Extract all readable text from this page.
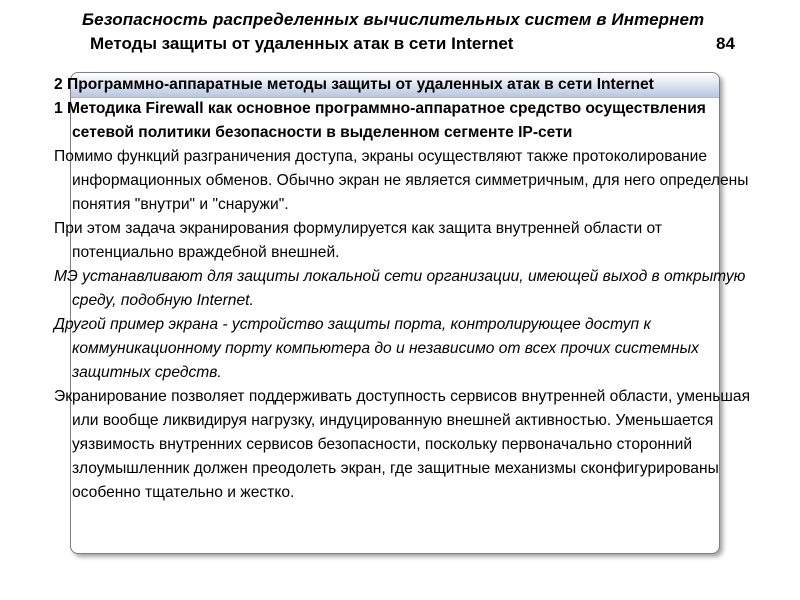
Безопасность распределенных вычислительных систем в Интернет
Методы защиты от удаленных атак в сети Internet	84

2 Программно-аппаратные методы защиты от удаленных атак в сети Internet

1 Методика Firewall как основное программно-аппаратное средство осуществления сетевой политики безопасности в выделенном сегменте IP-сети

Помимо функций разграничения доступа, экраны осуществляют также протоколирование информационных обменов. Обычно экран не является симметричным, для него определены понятия "внутри" и "снаружи".

При этом задача экранирования формулируется как защита внутренней области от потенциально враждебной внешней.

МЭ устанавливают для защиты локальной сети организации, имеющей выход в открытую среду, подобную Internet.

Другой пример экрана - устройство защиты порта, контролирующее доступ к коммуникационному порту компьютера до и независимо от всех прочих системных защитных средств.

Экранирование позволяет поддерживать доступность сервисов внутренней области, уменьшая или вообще ликвидируя нагрузку, индуцированную внешней активностью. Уменьшается уязвимость внутренних сервисов безопасности, поскольку первоначально сторонний злоумышленник должен преодолеть экран, где защитные механизмы сконфигурированы особенно тщательно и жестко.
